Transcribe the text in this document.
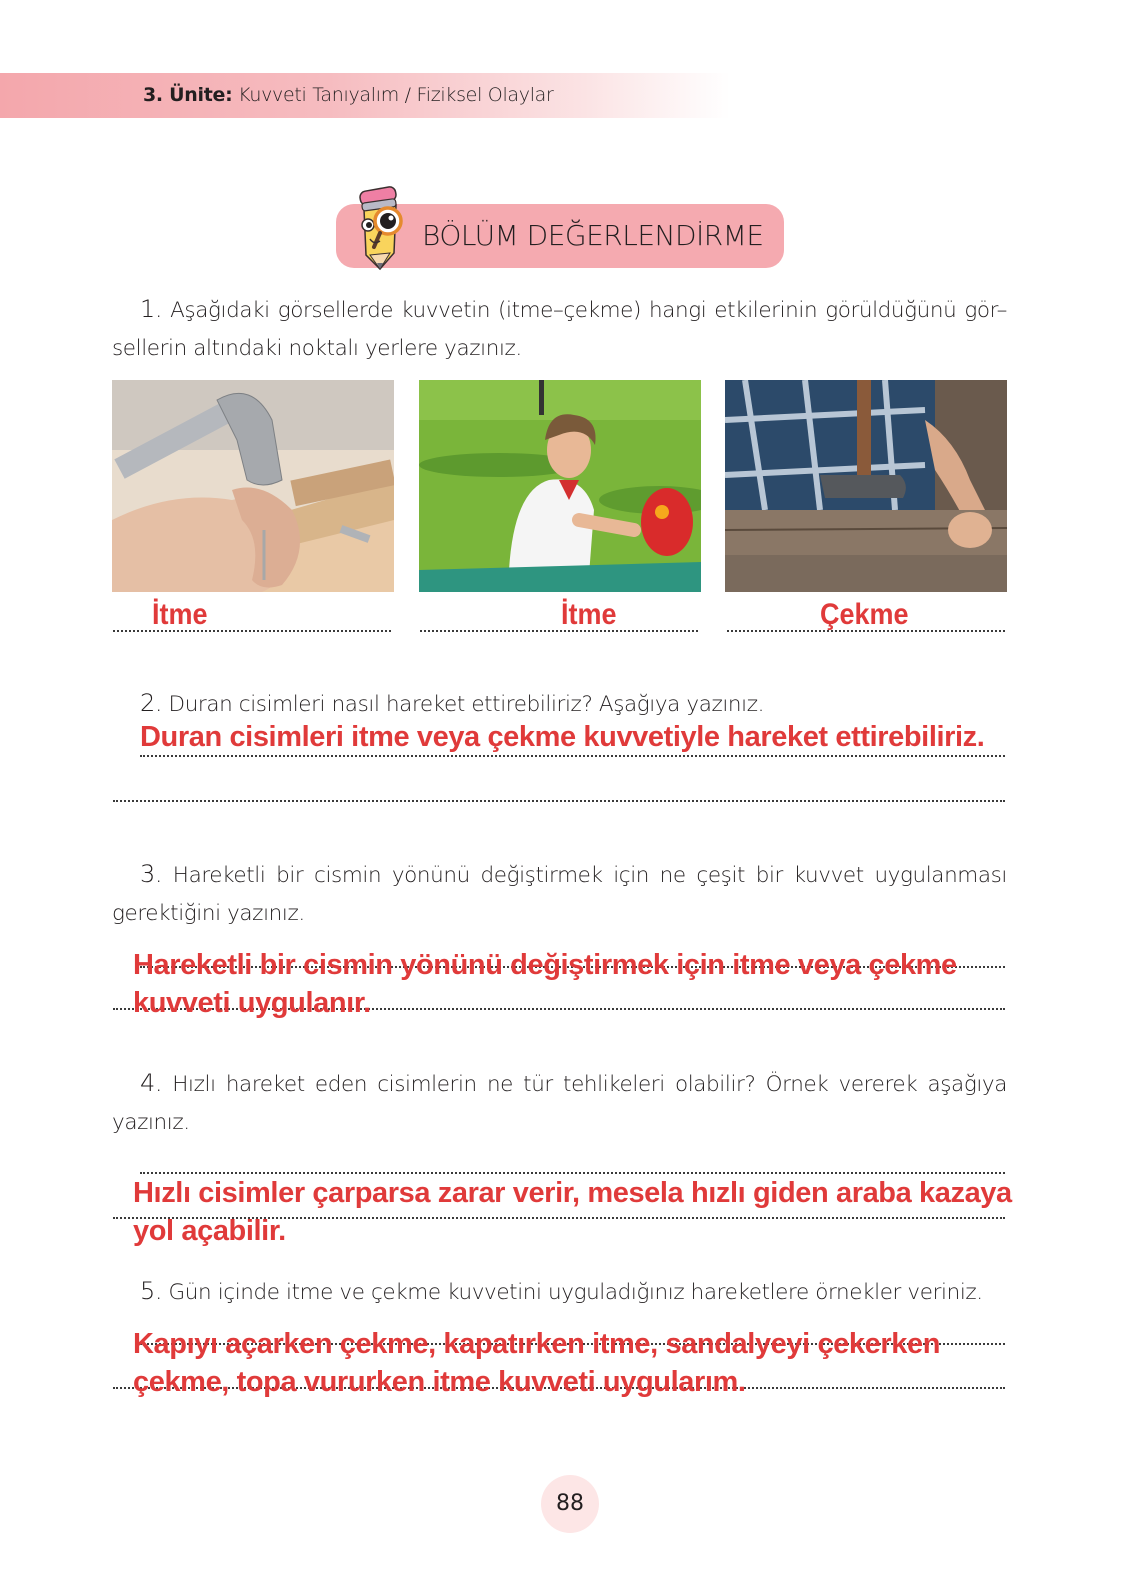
3. Ünite: Kuvveti Tanıyalım / Fiziksel Olaylar
BÖLÜM DEĞERLENDİRME
1. Aşağıdaki görsellerde kuvvetin (itme–çekme) hangi etkilerinin görüldüğünü gör–sellerin altındaki noktalı yerlere yazınız.
İtme	İtme	Çekme
2. Duran cisimleri nasıl hareket ettirebiliriz? Aşağıya yazınız.
Duran cisimleri itme veya çekme kuvvetiyle hareket ettirebiliriz.
3. Hareketli bir cismin yönünü değiştirmek için ne çeşit bir kuvvet uygulanması gerektiğini yazınız.
Hareketli bir cismin yönünü değiştirmek için itme veya çekme
kuvveti uygulanır.
4. Hızlı hareket eden cisimlerin ne tür tehlikeleri olabilir? Örnek vererek aşağıya yazınız.
Hızlı cisimler çarparsa zarar verir, mesela hızlı giden araba kazaya
yol açabilir.
5. Gün içinde itme ve çekme kuvvetini uyguladığınız hareketlere örnekler veriniz.
Kapıyı açarken çekme, kapatırken itme, sandalyeyi çekerken
çekme, topa vururken itme kuvveti uygularım.
88
